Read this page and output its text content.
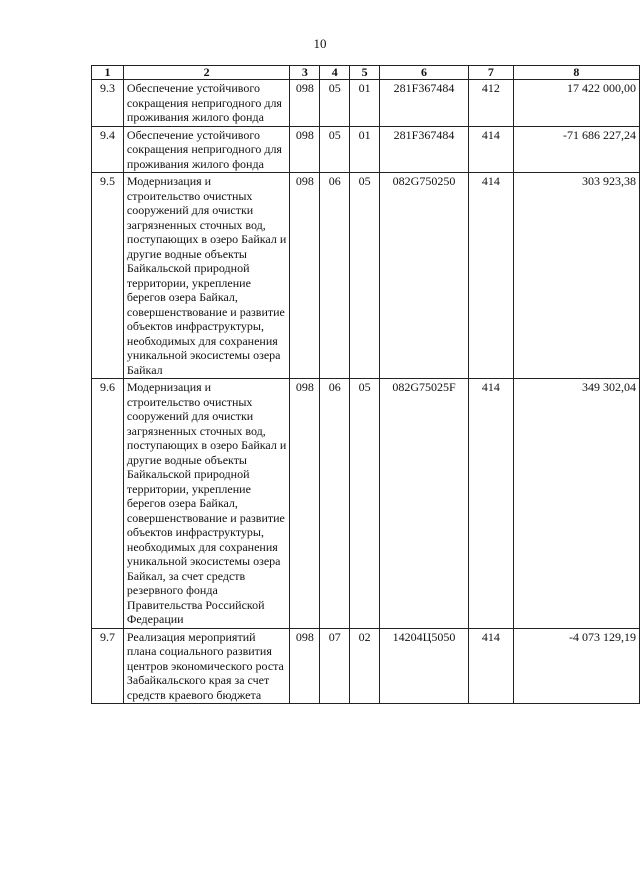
10
1	2	3	4	5	6	7	8
9.3	Обеспечение устойчивого сокращения непригодного для проживания жилого фонда	098	05	01	281F367484	412	17 422 000,00
9.4	Обеспечение устойчивого сокращения непригодного для проживания жилого фонда	098	05	01	281F367484	414	-71 686 227,24
9.5	Модернизация и строительство очистных сооружений для очистки загрязненных сточных вод, поступающих в озеро Байкал и другие водные объекты Байкальской природной территории, укрепление берегов озера Байкал, совершенствование и развитие объектов инфраструктуры, необходимых для сохранения уникальной экосистемы озера Байкал	098	06	05	082G750250	414	303 923,38
9.6	Модернизация и строительство очистных сооружений для очистки загрязненных сточных вод, поступающих в озеро Байкал и другие водные объекты Байкальской природной территории, укрепление берегов озера Байкал, совершенствование и развитие объектов инфраструктуры, необходимых для сохранения уникальной экосистемы озера Байкал, за счет средств резервного фонда Правительства Российской Федерации	098	06	05	082G75025F	414	349 302,04
9.7	Реализация мероприятий плана социального развития центров экономического роста Забайкальского края за счет средств краевого бюджета	098	07	02	14204Ц5050	414	-4 073 129,19
